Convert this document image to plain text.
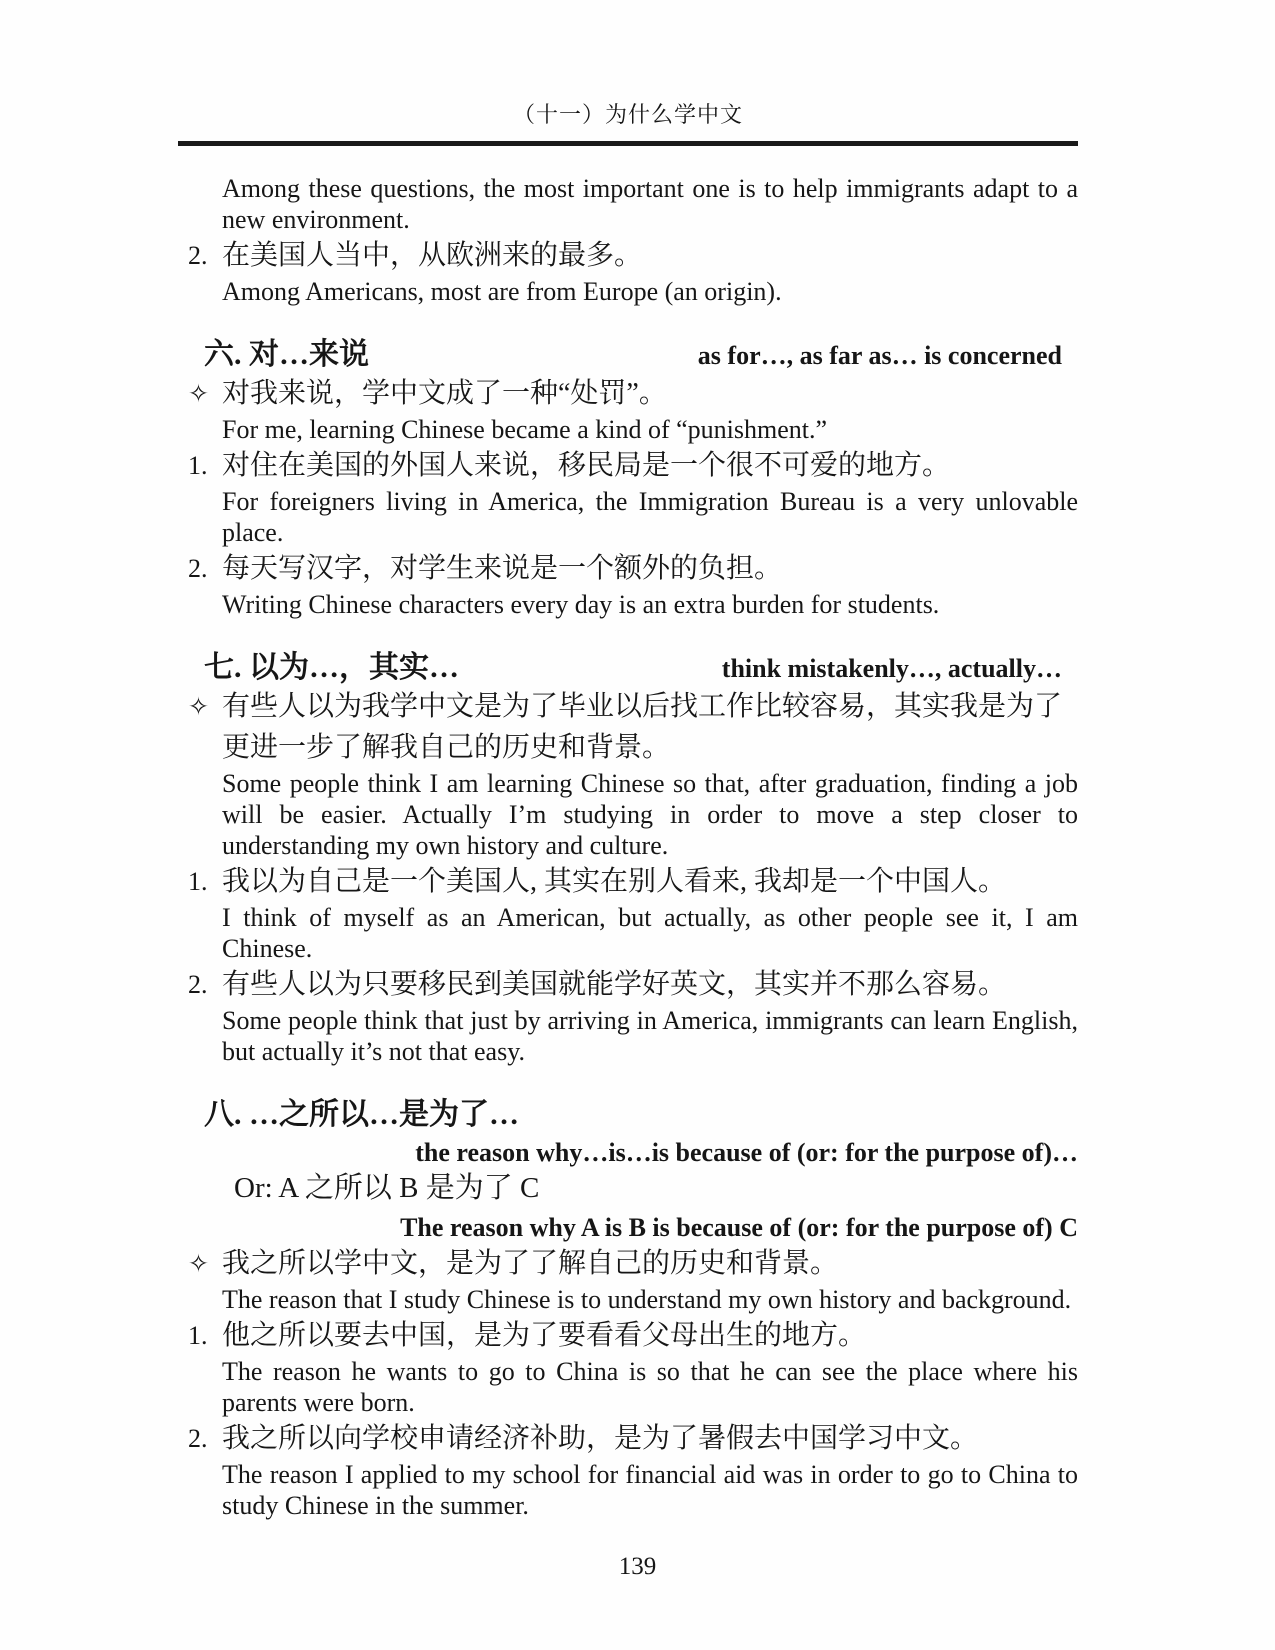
（十一）为什么学中文
Among these questions, the most important one is to help immigrants adapt to a new environment.
2. 在美国人当中，从欧洲来的最多。
Among Americans, most are from Europe (an origin).
六. 对…来说	as for…, as far as… is concerned
✧ 对我来说，学中文成了一种“处罚”。
For me, learning Chinese became a kind of “punishment.”
1. 对住在美国的外国人来说，移民局是一个很不可爱的地方。
For foreigners living in America, the Immigration Bureau is a very unlovable place.
2. 每天写汉字，对学生来说是一个额外的负担。
Writing Chinese characters every day is an extra burden for students.
七. 以为…，其实…	think mistakenly…, actually…
✧ 有些人以为我学中文是为了毕业以后找工作比较容易，其实我是为了更进一步了解我自己的历史和背景。
Some people think I am learning Chinese so that, after graduation, finding a job will be easier. Actually I’m studying in order to move a step closer to understanding my own history and culture.
1. 我以为自己是一个美国人, 其实在别人看来, 我却是一个中国人。
I think of myself as an American, but actually, as other people see it, I am Chinese.
2. 有些人以为只要移民到美国就能学好英文，其实并不那么容易。
Some people think that just by arriving in America, immigrants can learn English, but actually it’s not that easy.
八. …之所以…是为了…
the reason why…is…is because of (or: for the purpose of)…
Or: A 之所以 B 是为了 C
The reason why A is B is because of (or: for the purpose of) C
✧ 我之所以学中文，是为了了解自己的历史和背景。
The reason that I study Chinese is to understand my own history and background.
1. 他之所以要去中国，是为了要看看父母出生的地方。
The reason he wants to go to China is so that he can see the place where his parents were born.
2. 我之所以向学校申请经济补助，是为了暑假去中国学习中文。
The reason I applied to my school for financial aid was in order to go to China to study Chinese in the summer.
139
